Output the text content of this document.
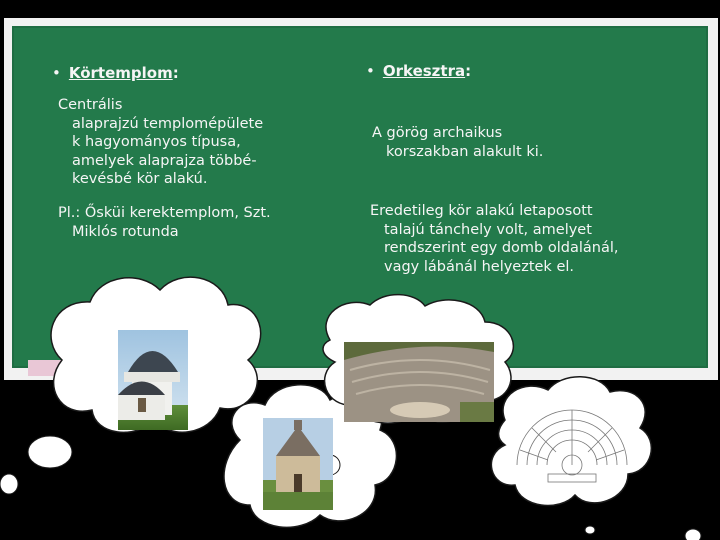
• Körtemplom:
Centrális
alaprajzú templomépülete
k hagyományos típusa,
amelyek alaprajza többé-
kevésbé kör alakú.
Pl.: Ősküi kerektemplom, Szt.
Miklós rotunda
• Orkesztra:
A görög archaikus
korszakban alakult ki.
Eredetileg kör alakú letaposott
talajú tánchely volt, amelyet
rendszerint egy domb oldalánál,
vagy lábánál helyeztek el.
